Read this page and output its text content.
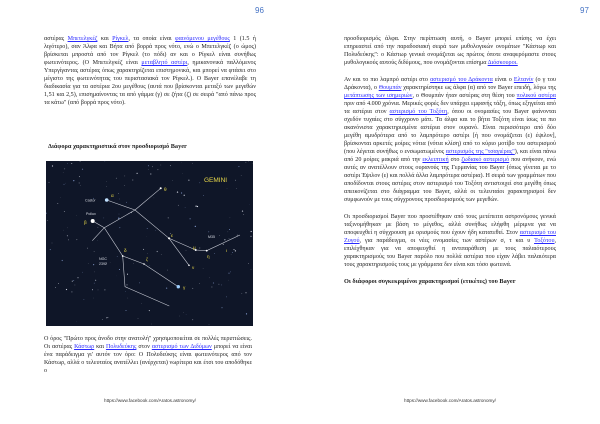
96

αστέρας Μπετελγκέζ και Ρίγκελ, τα οποία είναι φαινόμενου μεγέθους 1 (1.5 ή λιγότερο), σαν Άλφα και Βήτα από βορρά προς νότο, ενώ ο Μπετελγκέζ (ο ώμος) βρίσκεται μπροστά από τον Ρίγκελ (το πόδι) αν και ο Ρίγκελ είναι συνήθως φωτεινότερος. (Ο Μπετελγκέζ είναι μεταβλητό αστέρι, ημικανονικά παλλόμενος Υπεργίγαντας αστέρας όπως χαρακτηρίζεται επιστημονικά, και μπορεί να φτάσει στο μέγιστο της φωτεινότητας του περιστασιακά τον Ρίγκελ.). Ο Bayer επανέλαβε τη διαδικασία για τα αστέρια 2ου μεγέθους (αυτά που βρίσκονται μεταξύ των μεγεθών 1,51 και 2,5), επισημαίνοντας τα από γάμμα (γ) σε ζήτα (ζ) σε σειρά "από πάνω προς τα κάτω" (από βορρά προς νότο).

Διάφορα χαρακτηριστικά στον προσδιορισμό Bayer
GEMINI
α
β
γ
δ
ε
ζ
η
θ
ι
μ
ν
Castor
Pollux
NGC
2392
M35

Ο όρος "Πρώτο προς άνοδο στην ανατολή" χρησιμοποιείται σε πολλές περιπτώσεις. Οι αστέρας Κάστωρ και Πολυδεύκης στον αστερισμό των Διδύμων μπορεί να είναι ένα παράδειγμα γι' αυτόν τον όρο: Ο Πολυδεύκης είναι φωτεινότερος από τον Κάστωρ, αλλά ο τελευταίος ανατέλλει (ανέρχεται) νωρίτερα και έτσι του αποδόθηκε ο

https://www.facebook.com/Aratos.astronomy/
97

προσδιορισμός άλφα. Στην περίπτωση αυτή, ο Bayer μπορεί επίσης να έχει επηρεαστεί από την παραδοσιακή σειρά των μυθολογικών ονομάτων "Κάστωρ και Πολυδεύκης": ο Κάστωρ γενικά ονομάζεται ως πρώτος όποτε αναφερόμαστε στους μυθολογικούς αυτούς διδύμους, που ονομάζονται επίσημα Διόσκουροι.

Αν και το πιο λαμπρό αστέρι στο αστερισμό του Δράκοντα είναι ο Ελτανίν (ο γ του Δράκοντα), ο Θουμπάν χαρακτηρίστηκε ως άλφα (α) από τον Bayer επειδή, λόγω της μετάπτωσης των ισημεριών, ο Θουμπάν ήταν αστέρας στη θέση του πολικού αστέρα πριν από 4.000 χρόνια. Μερικές φορές δεν υπάρχει εμφανής τάξη, όπως εξηγείται από τα αστέρια στον αστερισμό του Τοξότη, όπου οι ονομασίες του Bayer φαίνονται σχεδόν τυχαίες στο σύγχρονο μάτι. Τα άλφα και το βήτα Τοξότη είναι ίσως τα πιο ακανόνιστα χαρακτηρισμένα αστέρια στον ουρανό. Είναι περισσότερο από δύο μεγέθη αμυδρότερα από το λαμπρότερο αστέρι [ή που ονομάζεται (ε) έψιλον], βρίσκονται αρκετές μοίρες νότια (νότια κλίση) από το κύριο μοτίβο του αστερισμού (που λέγεται συνήθως ο ενσωματωμένος αστερισμός της "τσαγιέρας"), και είναι πάνω από 20 μοίρες μακριά από την εκλειπτική στο ζωδιακό αστερισμό που ανήκουν, ενώ αυτές αν ανατέλλουν στους ουρανούς της Γερμανίας του Bayer (όπως γίνεται με το αστέρι Έψιλον (ε) και πολλά άλλα λαμπρότερα αστέρια). Η σειρά των γραμμάτων που αποδίδονται στους αστέρες στον αστερισμό του Τοξότη αντιστοιχεί στα μεγέθη όπως απεικονίζεται στο διάγραμμα του Bayer, αλλά οι τελευταίοι χαρακτηρισμοί δεν συμφωνούν με τους σύγχρονους προσδιορισμούς των μεγεθών.

Οι προσδιορισμοί Bayer που προστέθηκαν από τους μετέπειτα αστρονόμους γενικά ταξινομήθηκαν με βάση το μέγεθος, αλλά συνήθως ελήφθη μέριμνα για να αποφευχθεί η σύγχρουση με ορισμούς που έχουν ήδη κατατεθεί. Στον αστερισμό του Ζυγού, για παράδειγμα, οι νέες ονομασίες των αστέρων σ, τ και υ Τοξότου, επιλέχθηκαν για να αποφευχθεί η αντιπαράθεση με τους παλαιότερους χαρακτηρισμούς του Bayer παρόλο που πολλά αστέρια που είχαν λάβει παλαιότερα τους χαρακτηρισμούς τους με γράμματα δεν είναι και τόσο φωτεινά.

Οι διάφοροι συγκεκριμένοι χαρακτηρισμοί (ετικέτες) του Bayer

https://www.facebook.com/Aratos.astronomy/
